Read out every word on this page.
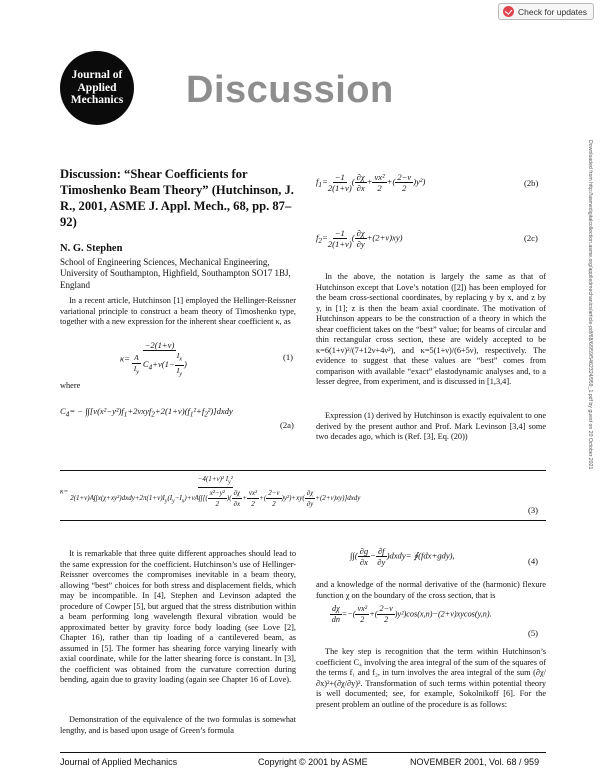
Check for updates
Journal of
Applied
Mechanics Discussion
Discussion: “Shear Coefficients for Timoshenko Beam Theory” (Hutchinson, J. R., 2001, ASME J. Appl. Mech., 68, pp. 87–92)
N. G. Stephen
School of Engineering Sciences, Mechanical Engineering, University of Southampton, Highfield, Southampton SO17 1BJ, England
In a recent article, Hutchinson [1] employed the Hellinger-Reissner variational principle to construct a beam theory of Timoshenko type, together with a new expression for the inherent shear coefficient κ, as
$\kappa= \frac{-2(1+\nu)}{\frac{A}{I_y} C_4+\nu(1- \frac{I_x}{I_y} )}$	(1)
where
$C_4=$ − $\int\int[\nu(x^2-y^2)f_1+2\nu xyf_2+2(1+\nu)(f_1^2+f_2^2)]dxdy$
(2a)
$f_1= \frac{-1}{2(1+\nu)}$ ( $\frac{\partial\chi}{\partial x} + \frac{\text{νx²}}{2}$ +( $\frac{2-\nu}{2} )y^2$)	(2b)
$f_2= \frac{-1}{2(1+\nu)}$ ( $\frac{\partial\chi}{\partial y} +(2+\nu)xy$)	(2c)
In the above, the notation is largely the same as that of Hutchinson except that Love’s notation ([2]) has been employed for the beam cross-sectional coordinates, by replacing y by x, and z by y, in [1]; z is then the beam axial coordinate. The motivation of Hutchinson appears to be the construction of a theory in which the shear coefficient takes on the “best” value; for beams of circular and thin rectangular cross section, these are widely accepted to be κ=6(1+ν)²/(7+12ν+4ν²), and κ=5(1+ν)/(6+5ν), respectively. The evidence to suggest that these values are “best” comes from comparison with available “exact” elastodynamic analyses and, to a lesser degree, from experiment, and is discussed in [1,3,4].
Expression (1) derived by Hutchinson is exactly equivalent to one derived by the present author and Prof. Mark Levinson [3,4] some two decades ago, which is (Ref. [3], Eq. (20))
κ=
−4(1+ν)² $I_y^2$
$2(1+\nu)A\int\int x(\chi+xy^2)dxdy+2\pi(1+\nu)I_y(I_y-I_x)+\nu A\int\int[( \frac{\text{x²−y²}}{2}$ )( $\frac{\partial\chi}{\partial x} + \frac{\text{νx²}}{2}$ +( $\frac{2-\nu}{2} )y^2)+xy( \frac{\partial\chi}{\partial y}$ +(2+ν)xy)]dxdy
(3)
It is remarkable that three quite different approaches should lead to the same expression for the coefficient. Hutchinson’s use of Hellinger-Reissner overcomes the compromises inevitable in a beam theory, allowing “best” choices for both stress and displacement fields, which may be incompatible. In [4], Stephen and Levinson adapted the procedure of Cowper [5], but argued that the stress distribution within a beam performing long wavelength flexural vibration would be approximated better by gravity force body loading (see Love [2], Chapter 16), rather than tip loading of a cantilevered beam, as assumed in [5]. The former has shearing force varying linearly with axial coordinate, while for the latter shearing force is constant. In [3], the coefficient was obtained from the curvature correction during bending, again due to gravity loading (again see Chapter 16 of Love).
Demonstration of the equivalence of the two formulas is somewhat lengthy, and is based upon usage of Green’s formula
∫∫( $\frac{\partial g}{\partial x} - \frac{\partial f}{\partial y}$ )dxdy= ∮(fdx+gdy),
(4)
and a knowledge of the normal derivative of the (harmonic) flexure function χ on the boundary of the cross section, that is
$\frac{d\chi}{dn}$ =−( $\frac{\text{νx²}}{2}$ +( $\frac{2-\nu}{2} )y^2)\cos(x,n)-(2+\nu)xycos(y,n)$.
(5)
The key step is recognition that the term within Hutchinson’s coefficient C₄ involving the area integral of the sum of the squares of the terms f₁ and f₂, in turn involves the area integral of the sum (∂χ/∂x)²+(∂χ/∂y)². Transformation of such terms within potential theory is well documented; see, for example, Sokolnikoff [6]. For the present problem an outline of the procedure is as follows:
Downloaded from http://asmedigitalcollection.asme.org/appliedmechanics/article-pdf/68/6/959/5462324/959_1.pdf by guest on 20 October 2021
Journal of Applied Mechanics	Copyright © 2001 by ASME	NOVEMBER 2001, Vol. 68 / 959
